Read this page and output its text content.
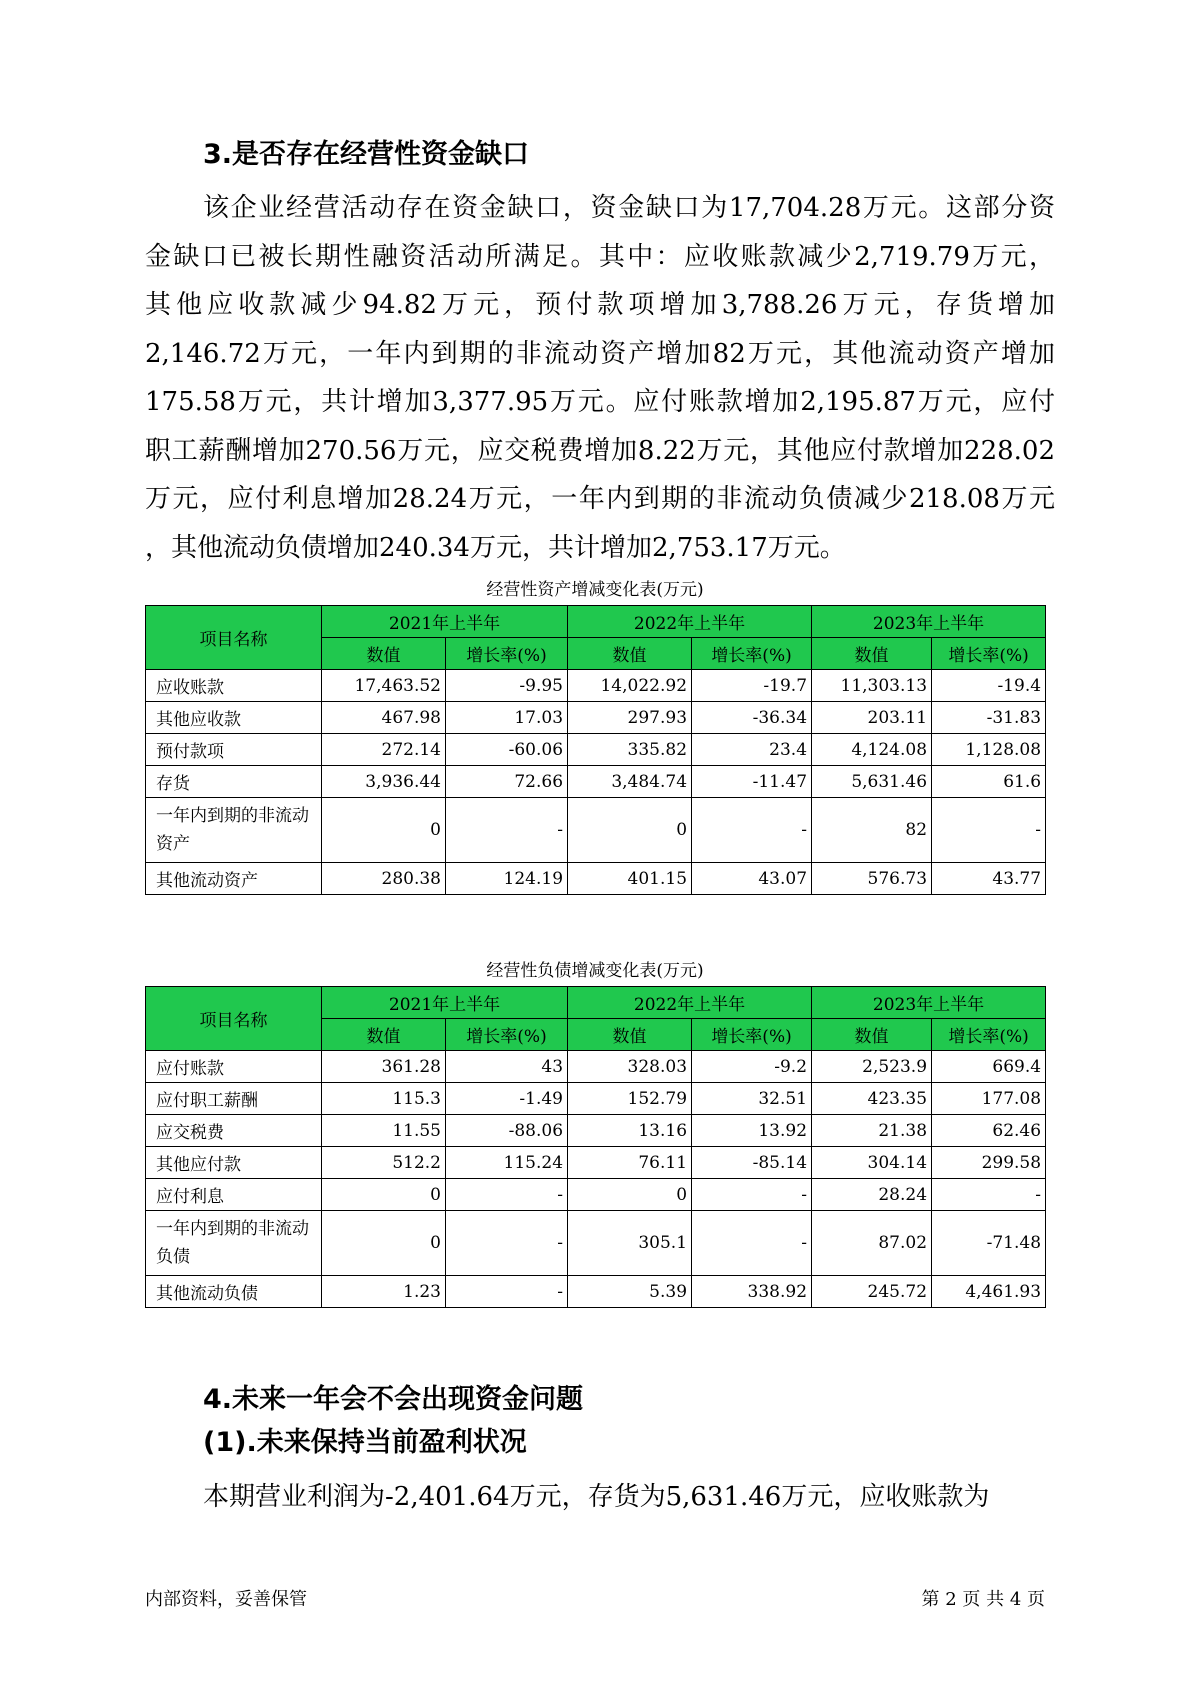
3.是否存在经营性资金缺口
该企业经营活动存在资金缺口，资金缺口为17,704.28万元。这部分资
金缺口已被长期性融资活动所满足。其中：应收账款减少2,719.79万元，
其他应收款减少94.82万元，预付款项增加3,788.26万元，存货增加
2,146.72万元，一年内到期的非流动资产增加82万元，其他流动资产增加
175.58万元，共计增加3,377.95万元。应付账款增加2,195.87万元，应付
职工薪酬增加270.56万元，应交税费增加8.22万元，其他应付款增加228.02
万元，应付利息增加28.24万元，一年内到期的非流动负债减少218.08万元
，其他流动负债增加240.34万元，共计增加2,753.17万元。
经营性资产增减变化表(万元)
项目名称	2021年上半年		2022年上半年		2023年上半年	
	数值	增长率(%)	数值	增长率(%)	数值	增长率(%)
应收账款	17,463.52	-9.95	14,022.92	-19.7	11,303.13	-19.4
其他应收款	467.98	17.03	297.93	-36.34	203.11	-31.83
预付款项	272.14	-60.06	335.82	23.4	4,124.08	1,128.08
存货	3,936.44	72.66	3,484.74	-11.47	5,631.46	61.6
一年内到期的非流动资产	0	-	0	-	82	-
其他流动资产	280.38	124.19	401.15	43.07	576.73	43.77
经营性负债增减变化表(万元)
项目名称	2021年上半年		2022年上半年		2023年上半年	
	数值	增长率(%)	数值	增长率(%)	数值	增长率(%)
应付账款	361.28	43	328.03	-9.2	2,523.9	669.4
应付职工薪酬	115.3	-1.49	152.79	32.51	423.35	177.08
应交税费	11.55	-88.06	13.16	13.92	21.38	62.46
其他应付款	512.2	115.24	76.11	-85.14	304.14	299.58
应付利息	0	-	0	-	28.24	-
一年内到期的非流动负债	0	-	305.1	-	87.02	-71.48
其他流动负债	1.23	-	5.39	338.92	245.72	4,461.93
4.未来一年会不会出现资金问题
(1).未来保持当前盈利状况
本期营业利润为-2,401.64万元，存货为5,631.46万元，应收账款为
内部资料，妥善保管	第 2 页 共 4 页
